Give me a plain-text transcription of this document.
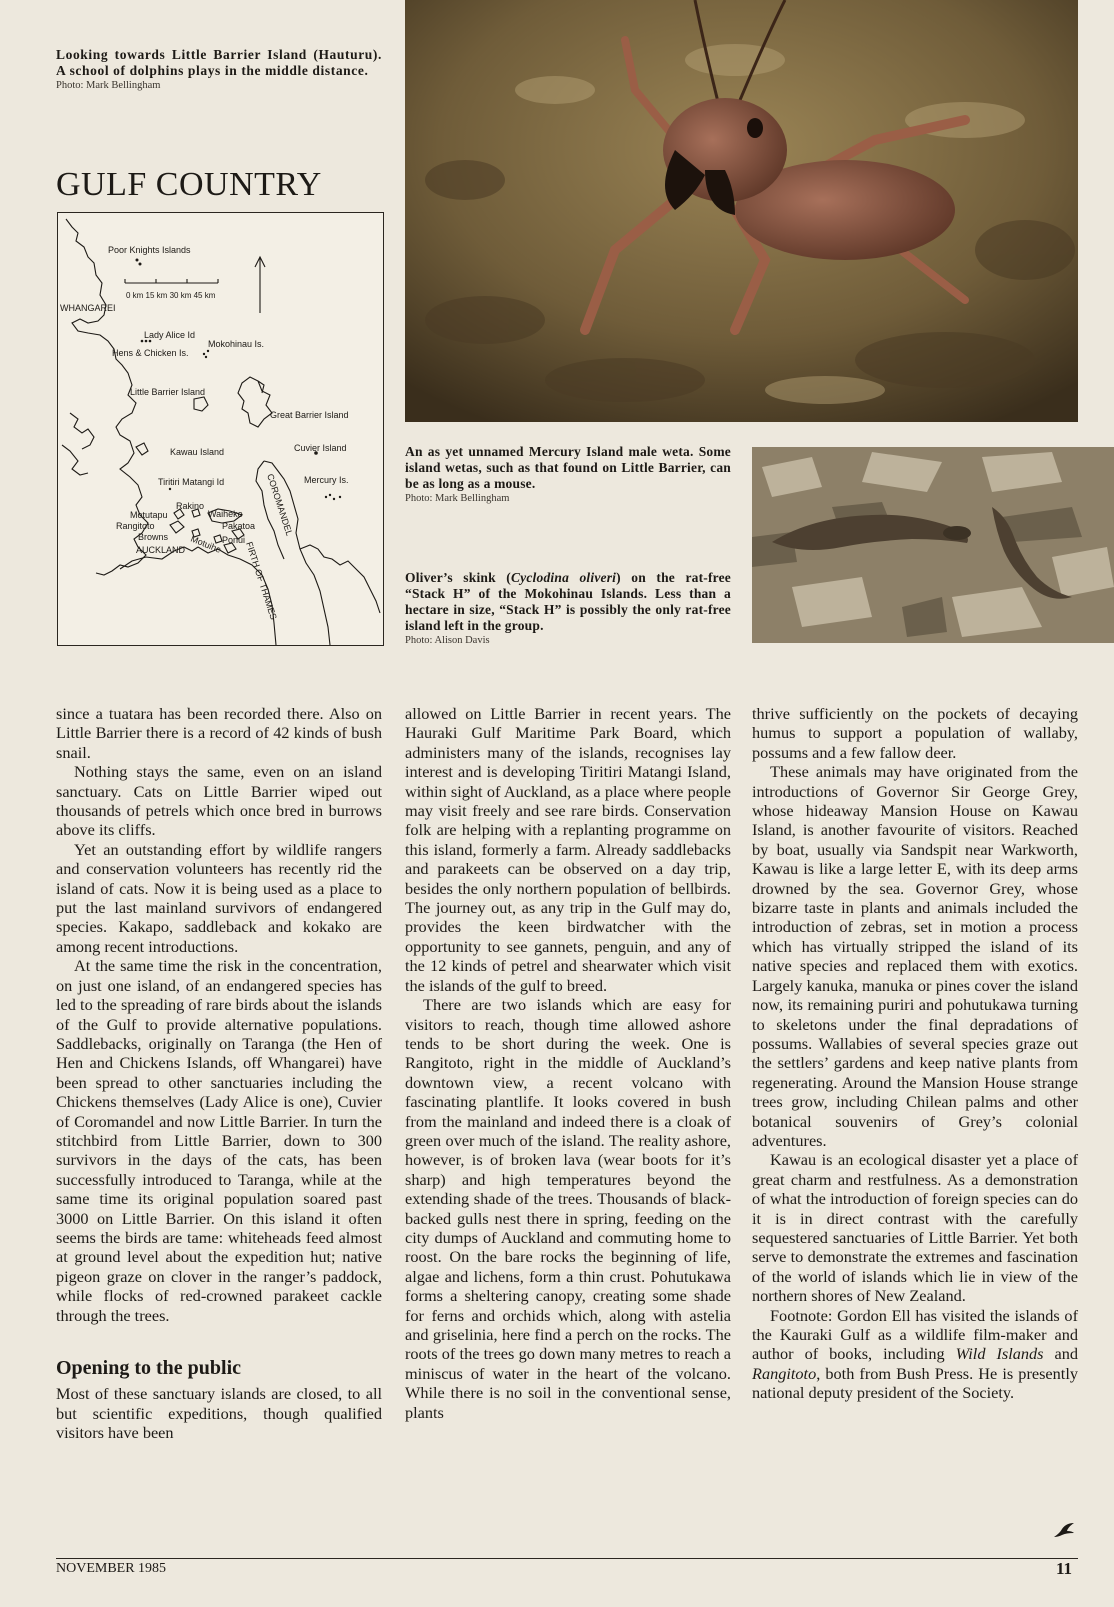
Looking towards Little Barrier Island (Hauturu). A school of dolphins plays in the middle distance.
Photo: Mark Bellingham
GULF COUNTRY
Poor Knights Islands
0 km 15 km 30 km 45 km
WHANGAREI
Lady Alice Id
Hens & Chicken Is.
Mokohinau Is.
Little Barrier Island
Great Barrier Island
Kawau Island	Cuvier Island
Tiritiri Matangi Id	Mercury Is.
Rakino
Motutapu	Waiheke
Rangitoto
Browns
Pakatoa
Motuihe Ponui
AUCKLAND
COROMANDEL
FIRTH OF THAMES
An as yet unnamed Mercury Island male weta. Some island wetas, such as that found on Little Barrier, can be as long as a mouse.
Photo: Mark Bellingham
Oliver’s skink (Cyclodina oliveri) on the rat-free “Stack H” of the Mokohinau Islands. Less than a hectare in size, “Stack H” is possibly the only rat-free island left in the group.
Photo: Alison Davis

since a tuatara has been recorded there. Also on Little Barrier there is a record of 42 kinds of bush snail.

Nothing stays the same, even on an island sanctuary. Cats on Little Barrier wiped out thousands of petrels which once bred in burrows above its cliffs.

Yet an outstanding effort by wildlife rangers and conservation volunteers has recently rid the island of cats. Now it is being used as a place to put the last mainland survivors of endangered species. Kakapo, saddleback and kokako are among recent introductions.

At the same time the risk in the concentration, on just one island, of an endangered species has led to the spreading of rare birds about the islands of the Gulf to provide alternative populations. Saddlebacks, originally on Taranga (the Hen of Hen and Chickens Islands, off Whangarei) have been spread to other sanctuaries including the Chickens themselves (Lady Alice is one), Cuvier of Coromandel and now Little Barrier. In turn the stitchbird from Little Barrier, down to 300 survivors in the days of the cats, has been successfully introduced to Taranga, while at the same time its original population soared past 3000 on Little Barrier. On this island it often seems the birds are tame: whiteheads feed almost at ground level about the expedition hut; native pigeon graze on clover in the ranger’s paddock, while flocks of red-crowned parakeet cackle through the trees.

Opening to the public

Most of these sanctuary islands are closed, to all but scientific expeditions, though qualified visitors have been

allowed on Little Barrier in recent years. The Hauraki Gulf Maritime Park Board, which administers many of the islands, recognises lay interest and is developing Tiritiri Matangi Island, within sight of Auckland, as a place where people may visit freely and see rare birds. Conservation folk are helping with a replanting programme on this island, formerly a farm. Already saddlebacks and parakeets can be observed on a day trip, besides the only northern population of bellbirds. The journey out, as any trip in the Gulf may do, provides the keen birdwatcher with the opportunity to see gannets, penguin, and any of the 12 kinds of petrel and shearwater which visit the islands of the gulf to breed.

There are two islands which are easy for visitors to reach, though time allowed ashore tends to be short during the week. One is Rangitoto, right in the middle of Auckland’s downtown view, a recent volcano with fascinating plantlife. It looks covered in bush from the mainland and indeed there is a cloak of green over much of the island. The reality ashore, however, is of broken lava (wear boots for it’s sharp) and high temperatures beyond the extending shade of the trees. Thousands of black-backed gulls nest there in spring, feeding on the city dumps of Auckland and commuting home to roost. On the bare rocks the beginning of life, algae and lichens, form a thin crust. Pohutukawa forms a sheltering canopy, creating some shade for ferns and orchids which, along with astelia and griselinia, here find a perch on the rocks. The roots of the trees go down many metres to reach a miniscus of water in the heart of the volcano. While there is no soil in the conventional sense, plants

thrive sufficiently on the pockets of decaying humus to support a population of wallaby, possums and a few fallow deer.

These animals may have originated from the introductions of Governor Sir George Grey, whose hideaway Mansion House on Kawau Island, is another favourite of visitors. Reached by boat, usually via Sandspit near Warkworth, Kawau is like a large letter E, with its deep arms drowned by the sea. Governor Grey, whose bizarre taste in plants and animals included the introduction of zebras, set in motion a process which has virtually stripped the island of its native species and replaced them with exotics. Largely kanuka, manuka or pines cover the island now, its remaining puriri and pohutukawa turning to skeletons under the final depradations of possums. Wallabies of several species graze out the settlers’ gardens and keep native plants from regenerating. Around the Mansion House strange trees grow, including Chilean palms and other botanical souvenirs of Grey’s colonial adventures.

Kawau is an ecological disaster yet a place of great charm and restfulness. As a demonstration of what the introduction of foreign species can do it is in direct contrast with the carefully sequestered sanctuaries of Little Barrier. Yet both serve to demonstrate the extremes and fascination of the world of islands which lie in view of the northern shores of New Zealand.

Footnote: Gordon Ell has visited the islands of the Kauraki Gulf as a wildlife film-maker and author of books, including Wild Islands and Rangitoto, both from Bush Press. He is presently national deputy president of the Society.

NOVEMBER 1985	11
